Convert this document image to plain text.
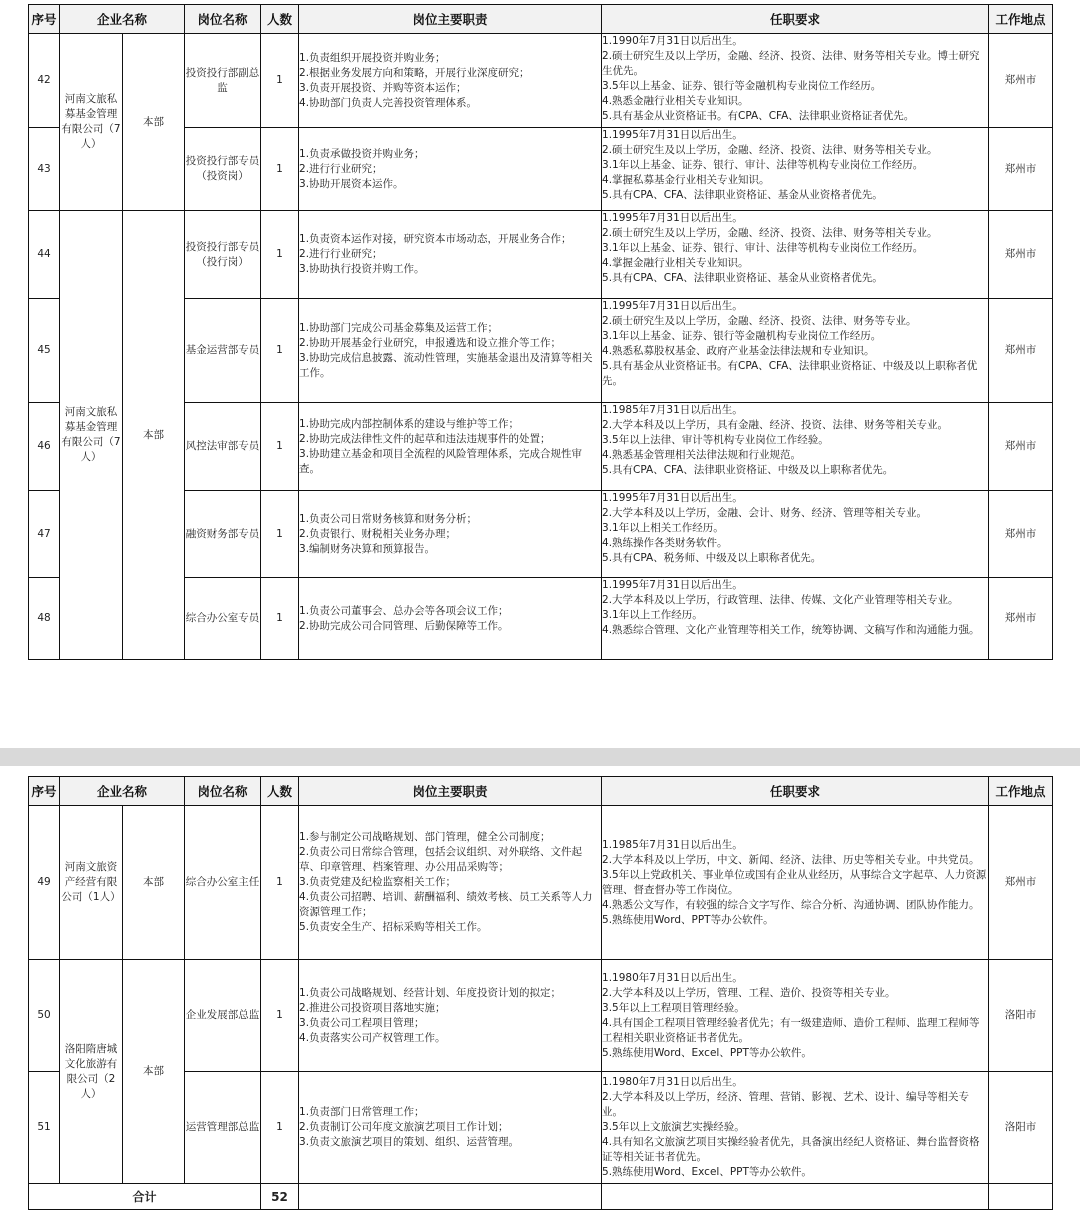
序号	企业名称		岗位名称	人数	岗位主要职责	任职要求	工作地点
42	河南文旅私募基金管理有限公司（7人）	本部	投资投行部副总监	1	1.负责组织开展投资并购业务；
2.根据业务发展方向和策略，开展行业深度研究；
3.负责开展投资、并购等资本运作；
4.协助部门负责人完善投资管理体系。	1.1990年7月31日以后出生。
2.硕士研究生及以上学历，金融、经济、投资、法律、财务等相关专业。博士研究生优先。
3.5年以上基金、证券、银行等金融机构专业岗位工作经历。
4.熟悉金融行业相关专业知识。
5.具有基金从业资格证书。有CPA、CFA、法律职业资格证者优先。	郑州市
43			投资投行部专员（投资岗）	1	1.负责承做投资并购业务；
2.进行行业研究；
3.协助开展资本运作。	1.1995年7月31日以后出生。
2.硕士研究生及以上学历，金融、经济、投资、法律、财务等相关专业。
3.1年以上基金、证券、银行、审计、法律等机构专业岗位工作经历。
4.掌握私募基金行业相关专业知识。
5.具有CPA、CFA、法律职业资格证、基金从业资格者优先。	郑州市
44	河南文旅私募基金管理有限公司（7人）	本部	投资投行部专员（投行岗）	1	1.负责资本运作对接，研究资本市场动态，开展业务合作；
2.进行行业研究；
3.协助执行投资并购工作。	1.1995年7月31日以后出生。
2.硕士研究生及以上学历，金融、经济、投资、法律、财务等相关专业。
3.1年以上基金、证券、银行、审计、法律等机构专业岗位工作经历。
4.掌握金融行业相关专业知识。
5.具有CPA、CFA、法律职业资格证、基金从业资格者优先。	郑州市
45			基金运营部专员	1	1.协助部门完成公司基金募集及运营工作；
2.协助开展基金行业研究，申报遴选和设立推介等工作；
3.协助完成信息披露、流动性管理，实施基金退出及清算等相关工作。	1.1995年7月31日以后出生。
2.硕士研究生及以上学历，金融、经济、投资、法律、财务等专业。
3.1年以上基金、证券、银行等金融机构专业岗位工作经历。
4.熟悉私募股权基金、政府产业基金法律法规和专业知识。
5.具有基金从业资格证书。有CPA、CFA、法律职业资格证、中级及以上职称者优先。	郑州市
46			风控法审部专员	1	1.协助完成内部控制体系的建设与维护等工作；
2.协助完成法律性文件的起草和违法违规事件的处置；
3.协助建立基金和项目全流程的风险管理体系，完成合规性审查。	1.1985年7月31日以后出生。
2.大学本科及以上学历，具有金融、经济、投资、法律、财务等相关专业。
3.5年以上法律、审计等机构专业岗位工作经验。
4.熟悉基金管理相关法律法规和行业规范。
5.具有CPA、CFA、法律职业资格证、中级及以上职称者优先。	郑州市
47			融资财务部专员	1	1.负责公司日常财务核算和财务分析；
2.负责银行、财税相关业务办理；
3.编制财务决算和预算报告。	1.1995年7月31日以后出生。
2.大学本科及以上学历，金融、会计、财务、经济、管理等相关专业。
3.1年以上相关工作经历。
4.熟练操作各类财务软件。
5.具有CPA、税务师、中级及以上职称者优先。	郑州市
48			综合办公室专员	1	1.负责公司董事会、总办会等各项会议工作；
2.协助完成公司合同管理、后勤保障等工作。	1.1995年7月31日以后出生。
2.大学本科及以上学历，行政管理、法律、传媒、文化产业管理等相关专业。
3.1年以上工作经历。
4.熟悉综合管理、文化产业管理等相关工作，统筹协调、文稿写作和沟通能力强。	郑州市
序号	企业名称		岗位名称	人数	岗位主要职责	任职要求	工作地点
49	河南文旅资产经营有限公司（1人）	本部	综合办公室主任	1	1.参与制定公司战略规划、部门管理，健全公司制度；
2.负责公司日常综合管理，包括会议组织、对外联络、文件起草、印章管理、档案管理、办公用品采购等；
3.负责党建及纪检监察相关工作；
4.负责公司招聘、培训、薪酬福利、绩效考核、员工关系等人力资源管理工作；
5.负责安全生产、招标采购等相关工作。	1.1985年7月31日以后出生。
2.大学本科及以上学历，中文、新闻、经济、法律、历史等相关专业。中共党员。
3.5年以上党政机关、事业单位或国有企业从业经历，从事综合文字起草、人力资源管理、督查督办等工作岗位。
4.熟悉公文写作，有较强的综合文字写作、综合分析、沟通协调、团队协作能力。
5.熟练使用Word、PPT等办公软件。	郑州市
50	洛阳隋唐城文化旅游有限公司（2人）	本部	企业发展部总监	1	1.负责公司战略规划、经营计划、年度投资计划的拟定；
2.推进公司投资项目落地实施；
3.负责公司工程项目管理；
4.负责落实公司产权管理工作。	1.1980年7月31日以后出生。
2.大学本科及以上学历，管理、工程、造价、投资等相关专业。
3.5年以上工程项目管理经验。
4.具有国企工程项目管理经验者优先；有一级建造师、造价工程师、监理工程师等工程相关职业资格证书者优先。
5.熟练使用Word、Excel、PPT等办公软件。	洛阳市
51			运营管理部总监	1	1.负责部门日常管理工作；
2.负责制订公司年度文旅演艺项目工作计划；
3.负责文旅演艺项目的策划、组织、运营管理。	1.1980年7月31日以后出生。
2.大学本科及以上学历，经济、管理、营销、影视、艺术、设计、编导等相关专业。
3.5年以上文旅演艺实操经验。
4.具有知名文旅演艺项目实操经验者优先，具备演出经纪人资格证、舞台监督资格证等相关证书者优先。
5.熟练使用Word、Excel、PPT等办公软件。	洛阳市
合计				52			
